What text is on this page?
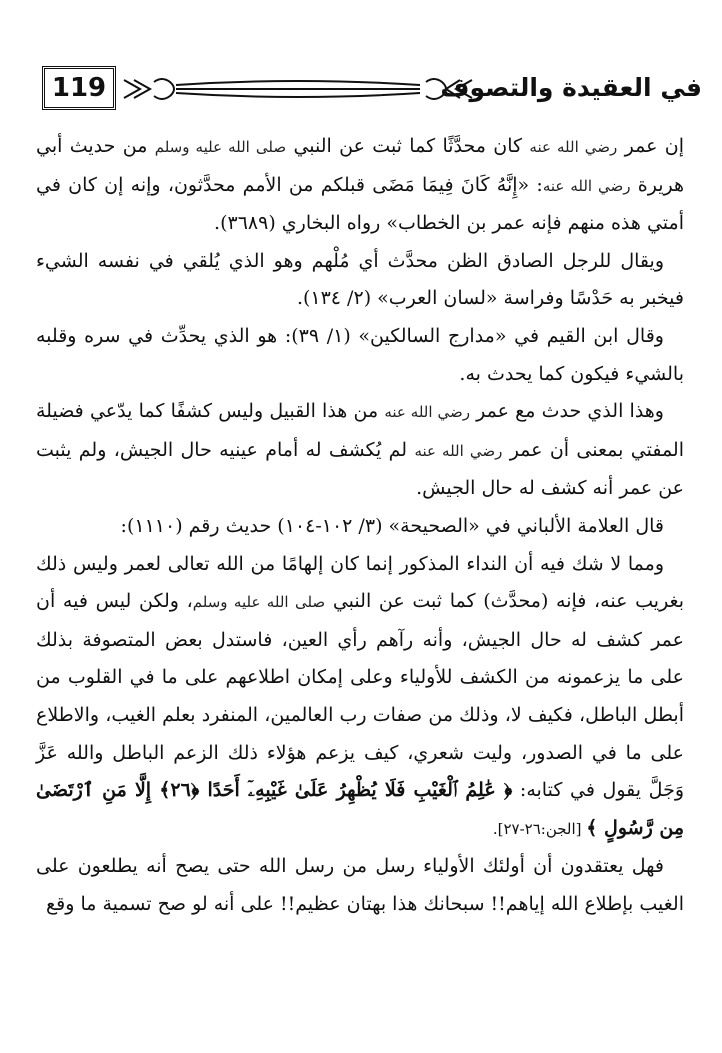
119	في العقيدة والتصوف

إن عمر رضي الله عنه كان محدَّثًا كما ثبت عن النبي صلى الله عليه وسلم من حديث أبي هريرة رضي الله عنه: «إِنَّهُ كَانَ فِيمَا مَضَى قبلكم من الأمم محدَّثون، وإنه إن كان في أمتي هذه منهم فإنه عمر بن الخطاب» رواه البخاري (٣٦٨٩).

ويقال للرجل الصادق الظن محدَّث أي مُلْهم وهو الذي يُلقي في نفسه الشيء فيخبر به حَدْسًا وفراسة «لسان العرب» (٢/ ١٣٤).

وقال ابن القيم في «مدارج السالكين» (١/ ٣٩): هو الذي يحدِّث في سره وقلبه بالشيء فيكون كما يحدث به.

وهذا الذي حدث مع عمر رضي الله عنه من هذا القبيل وليس كشفًا كما يدّعي فضيلة المفتي بمعنى أن عمر رضي الله عنه لم يُكشف له أمام عينيه حال الجيش، ولم يثبت عن عمر أنه كشف له حال الجيش.

قال العلامة الألباني في «الصحيحة» (٣/ ١٠٢-١٠٤) حديث رقم (١١١٠):

ومما لا شك فيه أن النداء المذكور إنما كان إلهامًا من الله تعالى لعمر وليس ذلك بغريب عنه، فإنه (محدَّث) كما ثبت عن النبي صلى الله عليه وسلم، ولكن ليس فيه أن عمر كشف له حال الجيش، وأنه رآهم رأي العين، فاستدل بعض المتصوفة بذلك على ما يزعمونه من الكشف للأولياء وعلى إمكان اطلاعهم على ما في القلوب من أبطل الباطل، فكيف لا، وذلك من صفات رب العالمين، المنفرد بعلم الغيب، والاطلاع على ما في الصدور، وليت شعري، كيف يزعم هؤلاء ذلك الزعم الباطل والله عَزَّ وَجَلَّ يقول في كتابه: ﴿ عَٰلِمُ ٱلْغَيْبِ فَلَا يُظْهِرُ عَلَىٰ غَيْبِهِۦٓ أَحَدًا ﴿٢٦﴾ إِلَّا مَنِ ٱرْتَضَىٰ مِن رَّسُولٍ ﴾ [الجن:٢٦-٢٧].

فهل يعتقدون أن أولئك الأولياء رسل من رسل الله حتى يصح أنه يطلعون على الغيب بإطلاع الله إياهم!! سبحانك هذا بهتان عظيم!! على أنه لو صح تسمية ما وقع
